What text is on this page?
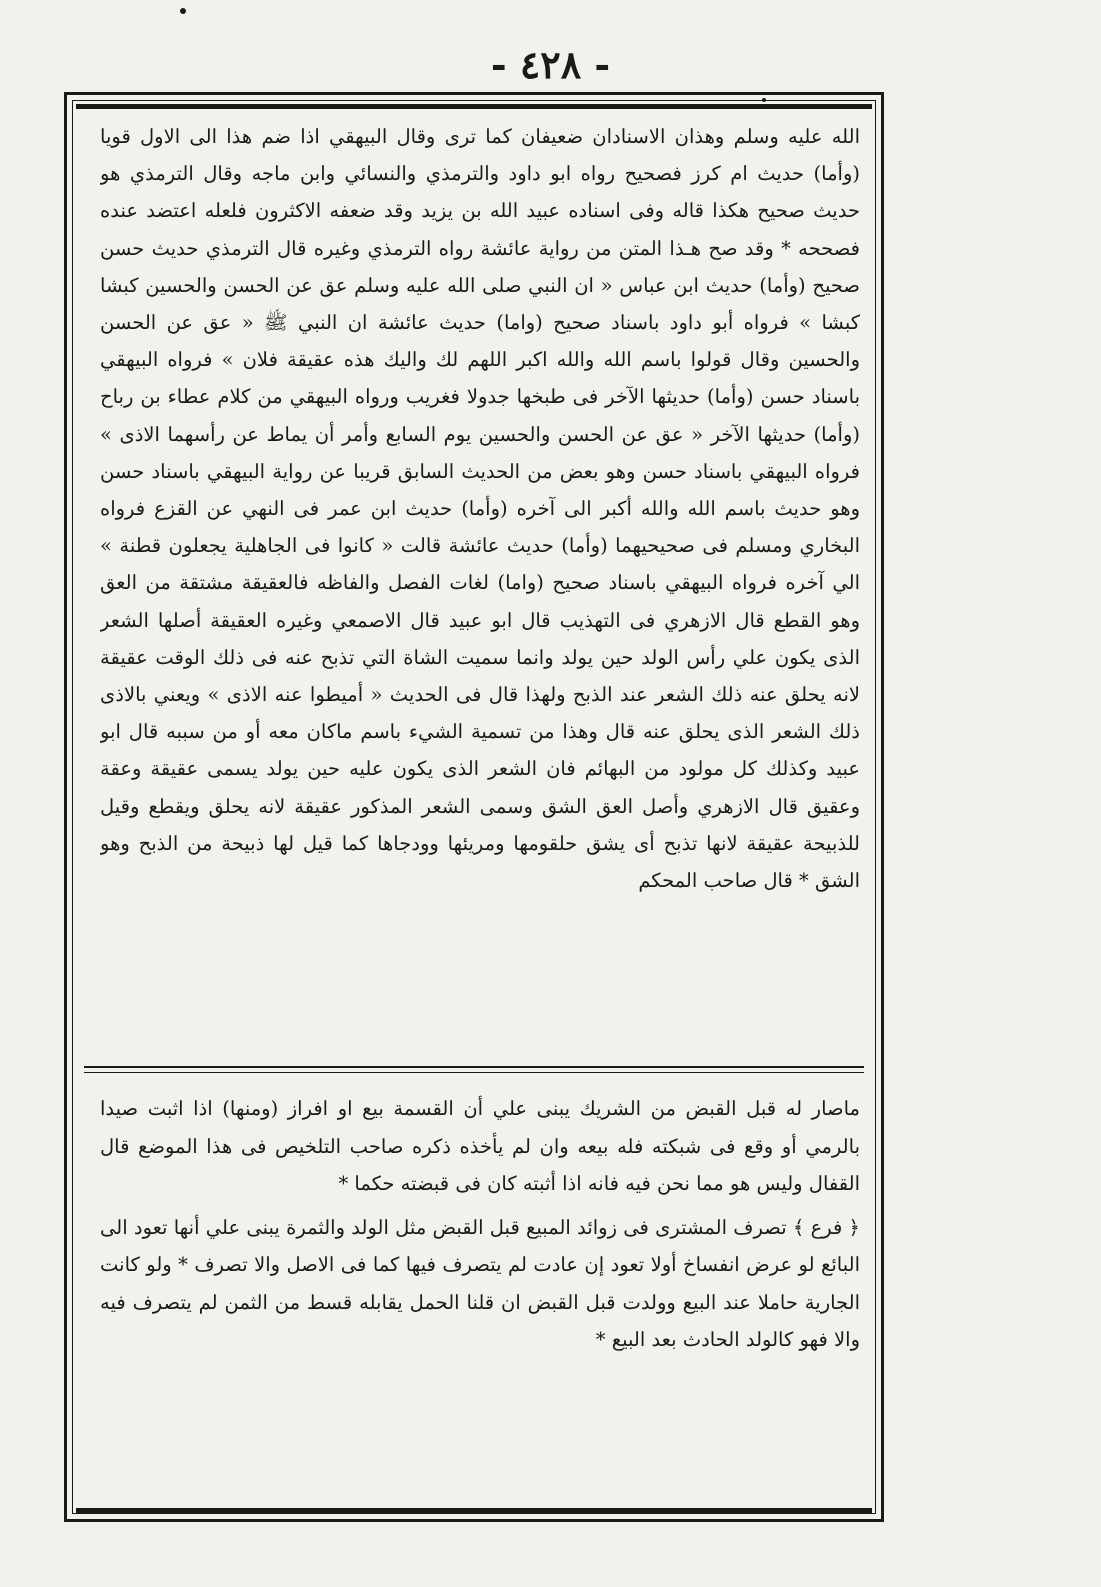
- ٤٢٨ -

الله عليه وسلم وهذان الاسنادان ضعيفان كما ترى وقال البيهقي اذا ضم هذا الى الاول قويا (وأما) حديث ام كرز فصحيح رواه ابو داود والترمذي والنسائي وابن ماجه وقال الترمذي هو حديث صحيح هكذا قاله وفى اسناده عبيد الله بن يزيد وقد ضعفه الاكثرون فلعله اعتضد عنده فصححه * وقد صح هـذا المتن من رواية عائشة رواه الترمذي وغيره قال الترمذي حديث حسن صحيح (وأما) حديث ابن عباس « ان النبي صلى الله عليه وسلم عق عن الحسن والحسين كبشا كبشا » فرواه أبو داود باسناد صحيح (واما) حديث عائشة ان النبي ﷺ « عق عن الحسن والحسين وقال قولوا باسم الله والله اكبر اللهم لك واليك هذه عقيقة فلان » فرواه البيهقي باسناد حسن (وأما) حديثها الآخر فى طبخها جدولا فغريب ورواه البيهقي من كلام عطاء بن رباح (وأما) حديثها الآخر « عق عن الحسن والحسين يوم السابع وأمر أن يماط عن رأسهما الاذى » فرواه البيهقي باسناد حسن وهو بعض من الحديث السابق قريبا عن رواية البيهقي باسناد حسن وهو حديث باسم الله والله أكبر الى آخره (وأما) حديث ابن عمر فى النهي عن القزع فرواه البخاري ومسلم فى صحيحيهما (وأما) حديث عائشة قالت « كانوا فى الجاهلية يجعلون قطنة » الي آخره فرواه البيهقي باسناد صحيح (واما) لغات الفصل والفاظه فالعقيقة مشتقة من العق وهو القطع قال الازهري فى التهذيب قال ابو عبيد قال الاصمعي وغيره العقيقة أصلها الشعر الذى يكون علي رأس الولد حين يولد وانما سميت الشاة التي تذبح عنه فى ذلك الوقت عقيقة لانه يحلق عنه ذلك الشعر عند الذبح ولهذا قال فى الحديث « أميطوا عنه الاذى » ويعني بالاذى ذلك الشعر الذى يحلق عنه قال وهذا من تسمية الشيء باسم ماكان معه أو من سببه قال ابو عبيد وكذلك كل مولود من البهائم فان الشعر الذى يكون عليه حين يولد يسمى عقيقة وعقة وعقيق قال الازهري وأصل العق الشق وسمى الشعر المذكور عقيقة لانه يحلق ويقطع وقيل للذبيحة عقيقة لانها تذبح أى يشق حلقومها ومريئها وودجاها كما قيل لها ذبيحة من الذبح وهو الشق * قال صاحب المحكم

ماصار له قبل القبض من الشريك يبنى علي أن القسمة بيع او افراز (ومنها) اذا اثبت صيدا بالرمي أو وقع فى شبكته فله بيعه وان لم يأخذه ذكره صاحب التلخيص فى هذا الموضع قال القفال وليس هو مما نحن فيه فانه اذا أثبته كان فى قبضته حكما *

﴿ فرع ﴾ تصرف المشترى فى زوائد المبيع قبل القبض مثل الولد والثمرة يبنى علي أنها تعود الى البائع لو عرض انفساخ أولا تعود إن عادت لم يتصرف فيها كما فى الاصل والا تصرف * ولو كانت الجارية حاملا عند البيع وولدت قبل القبض ان قلنا الحمل يقابله قسط من الثمن لم يتصرف فيه والا فهو كالولد الحادث بعد البيع *
